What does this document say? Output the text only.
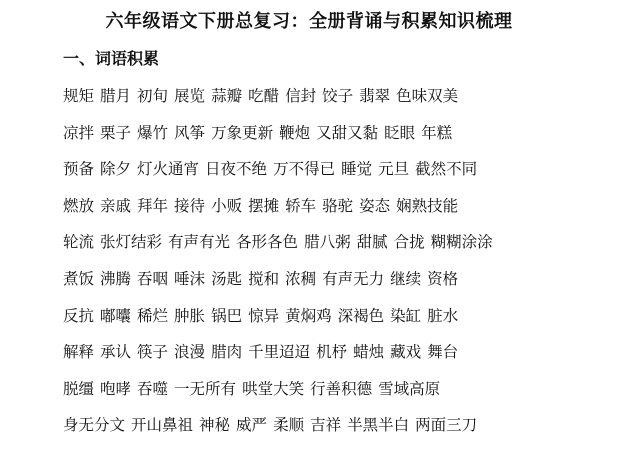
六年级语文下册总复习：全册背诵与积累知识梳理
一、词语积累
规矩 腊月 初旬 展览 蒜瓣 吃醋 信封 饺子 翡翠 色味双美
凉拌 栗子 爆竹 风筝 万象更新 鞭炮 又甜又黏 眨眼 年糕
预备 除夕 灯火通宵 日夜不绝 万不得已 睡觉 元旦 截然不同
燃放 亲戚 拜年 接待 小贩 摆摊 轿车 骆驼 姿态 娴熟技能
轮流 张灯结彩 有声有光 各形各色 腊八粥 甜腻 合拢 糊糊涂涂
煮饭 沸腾 吞咽 唾沫 汤匙 搅和 浓稠 有声无力 继续 资格
反抗 嘟囔 稀烂 肿胀 锅巴 惊异 黄焖鸡 深褐色 染缸 脏水
解释 承认 筷子 浪漫 腊肉 千里迢迢 机杼 蜡烛 藏戏 舞台
脱缰 咆哮 吞噬 一无所有 哄堂大笑 行善积德 雪域高原
身无分文 开山鼻祖 神秘 威严 柔顺 吉祥 半黑半白 两面三刀
